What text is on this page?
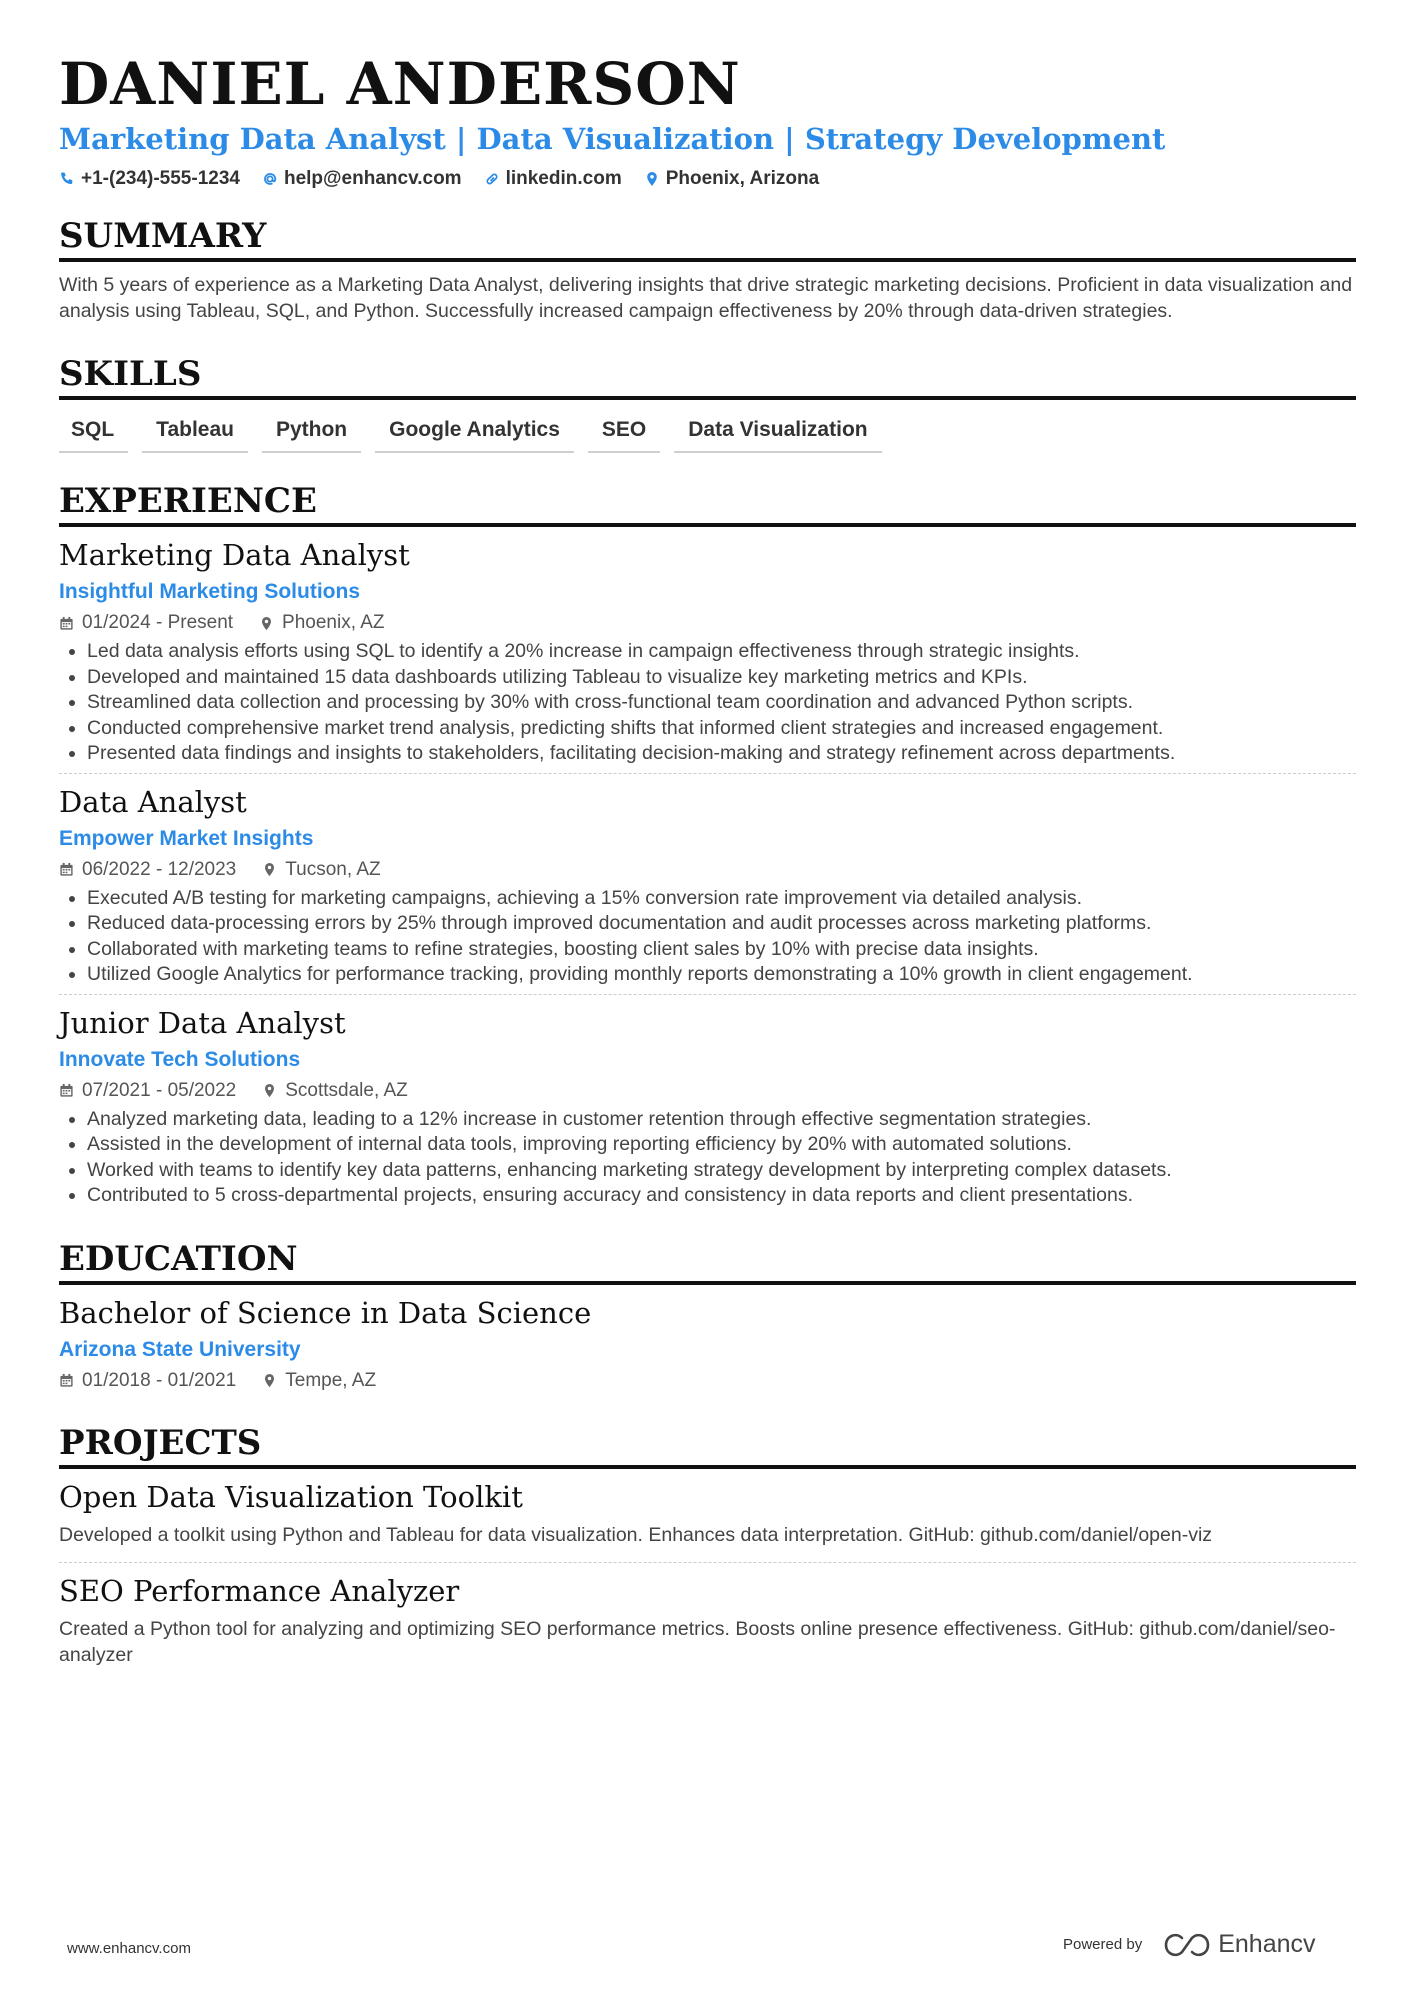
DANIEL ANDERSON
Marketing Data Analyst | Data Visualization | Strategy Development
+1-(234)-555-1234 help@enhancv.com linkedin.com Phoenix, Arizona
SUMMARY
With 5 years of experience as a Marketing Data Analyst, delivering insights that drive strategic marketing decisions. Proficient in data visualization and analysis using Tableau, SQL, and Python. Successfully increased campaign effectiveness by 20% through data-driven strategies.
SKILLS
SQL	Tableau	Python	Google Analytics	SEO	Data Visualization
EXPERIENCE
Marketing Data Analyst
Insightful Marketing Solutions
01/2024 - Present	Phoenix, AZ
• Led data analysis efforts using SQL to identify a 20% increase in campaign effectiveness through strategic insights.
• Developed and maintained 15 data dashboards utilizing Tableau to visualize key marketing metrics and KPIs.
• Streamlined data collection and processing by 30% with cross-functional team coordination and advanced Python scripts.
• Conducted comprehensive market trend analysis, predicting shifts that informed client strategies and increased engagement.
• Presented data findings and insights to stakeholders, facilitating decision-making and strategy refinement across departments.
Data Analyst
Empower Market Insights
06/2022 - 12/2023	Tucson, AZ
• Executed A/B testing for marketing campaigns, achieving a 15% conversion rate improvement via detailed analysis.
• Reduced data-processing errors by 25% through improved documentation and audit processes across marketing platforms.
• Collaborated with marketing teams to refine strategies, boosting client sales by 10% with precise data insights.
• Utilized Google Analytics for performance tracking, providing monthly reports demonstrating a 10% growth in client engagement.
Junior Data Analyst
Innovate Tech Solutions
07/2021 - 05/2022	Scottsdale, AZ
• Analyzed marketing data, leading to a 12% increase in customer retention through effective segmentation strategies.
• Assisted in the development of internal data tools, improving reporting efficiency by 20% with automated solutions.
• Worked with teams to identify key data patterns, enhancing marketing strategy development by interpreting complex datasets.
• Contributed to 5 cross-departmental projects, ensuring accuracy and consistency in data reports and client presentations.
EDUCATION
Bachelor of Science in Data Science
Arizona State University
01/2018 - 01/2021	Tempe, AZ
PROJECTS
Open Data Visualization Toolkit
Developed a toolkit using Python and Tableau for data visualization. Enhances data interpretation. GitHub: github.com/daniel/open-viz
SEO Performance Analyzer
Created a Python tool for analyzing and optimizing SEO performance metrics. Boosts online presence effectiveness. GitHub: github.com/daniel/seo-analyzer
www.enhancv.com	Powered by	Enhancv
